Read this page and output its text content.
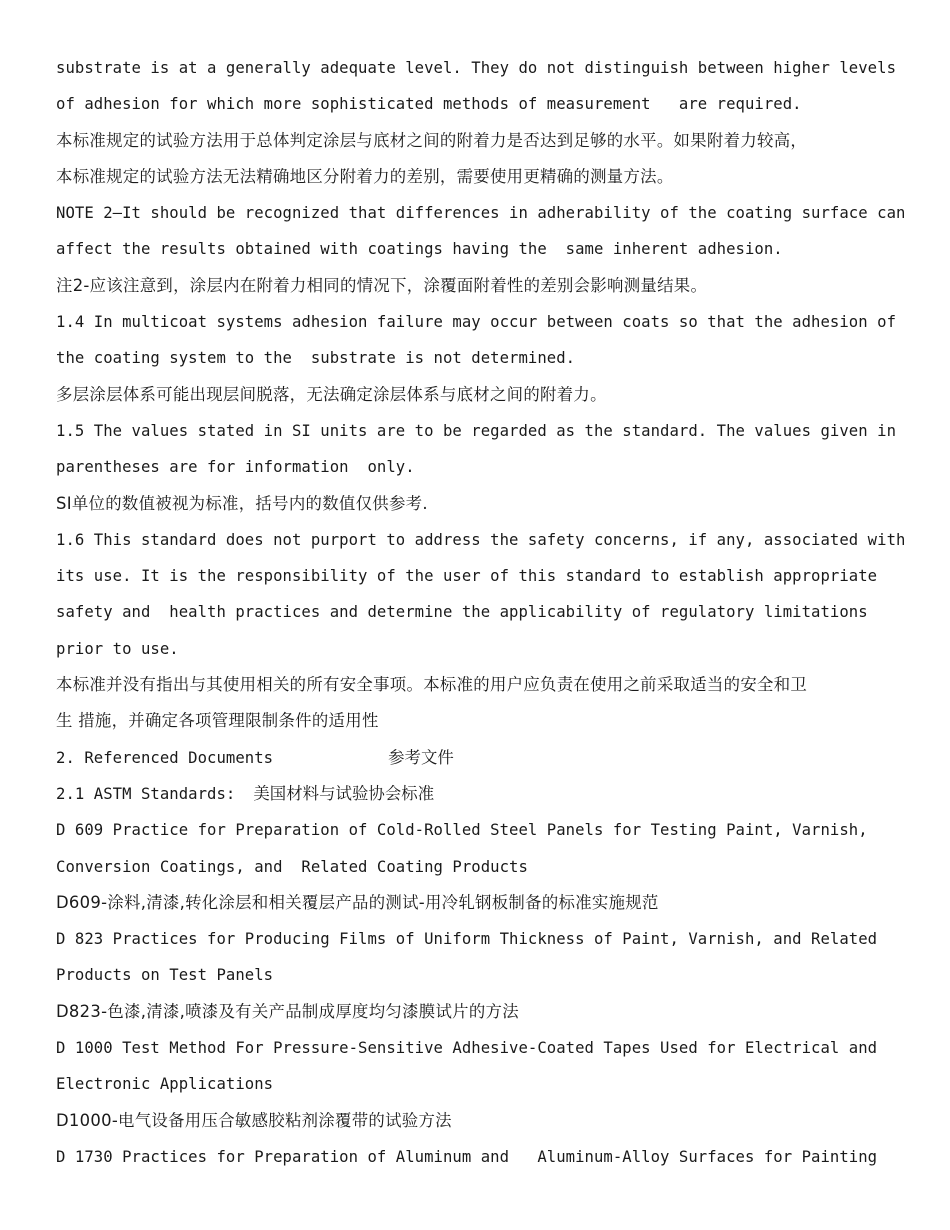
substrate is at a generally adequate level. They do not distinguish between higher levels
of adhesion for which more sophisticated methods of measurement   are required.
本标准规定的试验方法用于总体判定涂层与底材之间的附着力是否达到足够的水平。如果附着力较高，
本标准规定的试验方法无法精确地区分附着力的差别，需要使用更精确的测量方法。
NOTE 2—It should be recognized that differences in adherability of the coating surface can
affect the results obtained with coatings having the  same inherent adhesion.
注2-应该注意到，涂层内在附着力相同的情况下，涂覆面附着性的差别会影响测量结果。
1.4 In multicoat systems adhesion failure may occur between coats so that the adhesion of
the coating system to the  substrate is not determined.
多层涂层体系可能出现层间脱落，无法确定涂层体系与底材之间的附着力。
1.5 The values stated in SI units are to be regarded as the standard. The values given in
parentheses are for information  only.
SI单位的数值被视为标准，括号内的数值仅供参考.
1.6 This standard does not purport to address the safety concerns, if any, associated with
its use. It is the responsibility of the user of this standard to establish appropriate
safety and  health practices and determine the applicability of regulatory limitations
prior to use.
本标准并没有指出与其使用相关的所有安全事项。本标准的用户应负责在使用之前采取适当的安全和卫
生 措施，并确定各项管理限制条件的适用性
2. Referenced Documents	参考文件
2.1 ASTM Standards: 美国材料与试验协会标准
D 609 Practice for Preparation of Cold-Rolled Steel Panels for Testing Paint, Varnish,
Conversion Coatings, and  Related Coating Products
D609-涂料,清漆,转化涂层和相关覆层产品的测试-用冷轧钢板制备的标准实施规范
D 823 Practices for Producing Films of Uniform Thickness of Paint, Varnish, and Related
Products on Test Panels
D823-色漆,清漆,喷漆及有关产品制成厚度均匀漆膜试片的方法
D 1000 Test Method For Pressure-Sensitive Adhesive-Coated Tapes Used for Electrical and
Electronic Applications
D1000-电气设备用压合敏感胶粘剂涂覆带的试验方法
D 1730 Practices for Preparation of Aluminum and   Aluminum-Alloy Surfaces for Painting
